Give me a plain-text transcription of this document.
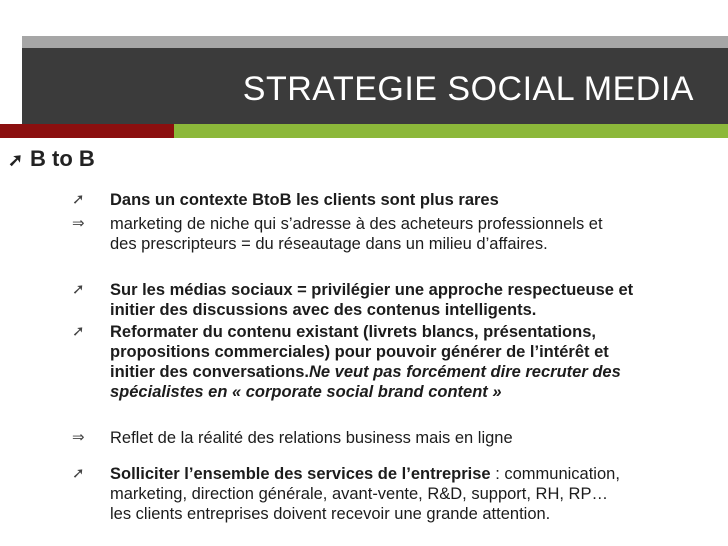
STRATEGIE SOCIAL MEDIA
➚ B to B
➚	Dans un contexte BtoB les clients sont plus rares
⇒	marketing de niche qui s’adresse à des acheteurs professionnels et
des prescripteurs = du réseautage dans un milieu d’affaires.
➚	Sur les médias sociaux = privilégier une approche respectueuse et
initier des discussions avec des contenus intelligents.
➚	Reformater du contenu existant (livrets blancs, présentations,
propositions commerciales) pour pouvoir générer de l’intérêt et
initier des conversations.Ne veut pas forcément dire recruter des
spécialistes en « corporate social brand content »
⇒	Reflet de la réalité des relations business mais en ligne
➚	Solliciter l’ensemble des services de l’entreprise : communication,
marketing, direction générale, avant-vente, R&D, support, RH, RP…
les clients entreprises doivent recevoir une grande attention.
